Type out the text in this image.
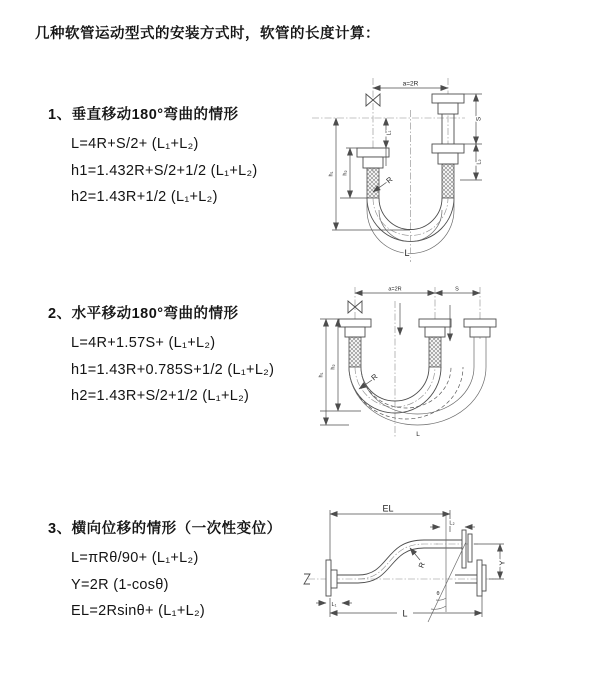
几种软管运动型式的安装方式时，软管的长度计算：
1、垂直移动180°弯曲的情形
L=4R+S/2+ (L₁+L₂)
h1=1.432R+S/2+1/2 (L₁+L₂)
h2=1.43R+1/2 (L₁+L₂)
2、水平移动180°弯曲的情形
L=4R+1.57S+ (L₁+L₂)
h1=1.43R+0.785S+1/2 (L₁+L₂)
h2=1.43R+S/2+1/2 (L₁+L₂)
3、横向位移的情形（一次性变位）
L=πRθ/90+ (L₁+L₂)
Y=2R (1-cosθ)
EL=2Rsinθ+ (L₁+L₂)
a=2R
R
L
S
L₂
h₁ h₂
L₁
a=2R	S
h₁
h₂
R
L
EL
L₂
Y
θ
R
L₁
L
